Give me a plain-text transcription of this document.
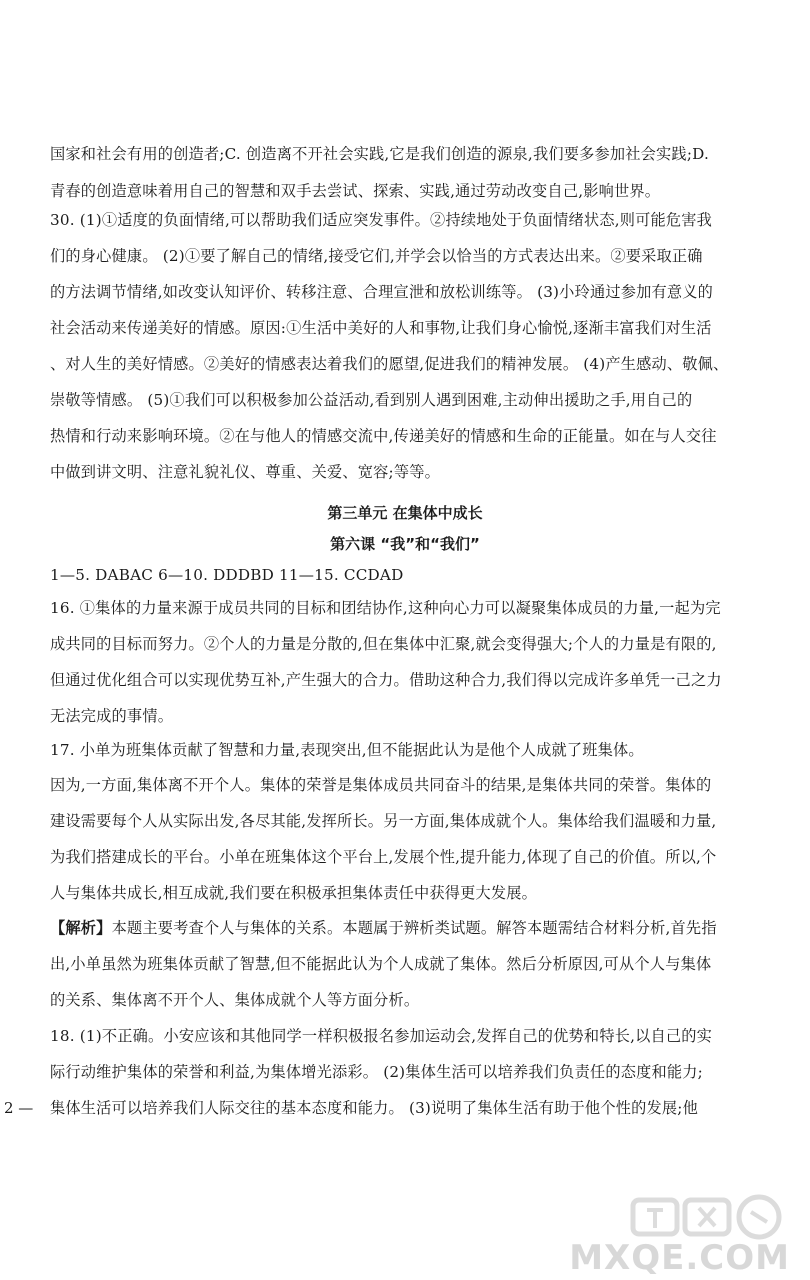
国家和社会有用的创造者;C. 创造离不开社会实践,它是我们创造的源泉,我们要多参加社会实践;D.
青春的创造意味着用自己的智慧和双手去尝试、探索、实践,通过劳动改变自己,影响世界。
30. (1)①适度的负面情绪,可以帮助我们适应突发事件。②持续地处于负面情绪状态,则可能危害我
们的身心健康。 (2)①要了解自己的情绪,接受它们,并学会以恰当的方式表达出来。②要采取正确
的方法调节情绪,如改变认知评价、转移注意、合理宣泄和放松训练等。 (3)小玲通过参加有意义的
社会活动来传递美好的情感。原因:①生活中美好的人和事物,让我们身心愉悦,逐渐丰富我们对生活
、对人生的美好情感。②美好的情感表达着我们的愿望,促进我们的精神发展。 (4)产生感动、敬佩、
崇敬等情感。 (5)①我们可以积极参加公益活动,看到别人遇到困难,主动伸出援助之手,用自己的
热情和行动来影响环境。②在与他人的情感交流中,传递美好的情感和生命的正能量。如在与人交往
中做到讲文明、注意礼貌礼仪、尊重、关爱、宽容;等等。
第三单元 在集体中成长
第六课 “我”和“我们”
1—5. DABAC 6—10. DDDBD 11—15. CCDAD
16. ①集体的力量来源于成员共同的目标和团结协作,这种向心力可以凝聚集体成员的力量,一起为完
成共同的目标而努力。②个人的力量是分散的,但在集体中汇聚,就会变得强大;个人的力量是有限的,
但通过优化组合可以实现优势互补,产生强大的合力。借助这种合力,我们得以完成许多单凭一己之力
无法完成的事情。
17. 小单为班集体贡献了智慧和力量,表现突出,但不能据此认为是他个人成就了班集体。
因为,一方面,集体离不开个人。集体的荣誉是集体成员共同奋斗的结果,是集体共同的荣誉。集体的
建设需要每个人从实际出发,各尽其能,发挥所长。另一方面,集体成就个人。集体给我们温暖和力量,
为我们搭建成长的平台。小单在班集体这个平台上,发展个性,提升能力,体现了自己的价值。所以,个
人与集体共成长,相互成就,我们要在积极承担集体责任中获得更大发展。
【解析】本题主要考查个人与集体的关系。本题属于辨析类试题。解答本题需结合材料分析,首先指
出,小单虽然为班集体贡献了智慧,但不能据此认为个人成就了集体。然后分析原因,可从个人与集体
的关系、集体离不开个人、集体成就个人等方面分析。
18. (1)不正确。小安应该和其他同学一样积极报名参加运动会,发挥自己的优势和特长,以自己的实
际行动维护集体的荣誉和利益,为集体增光添彩。 (2)集体生活可以培养我们负责任的态度和能力;
集体生活可以培养我们人际交往的基本态度和能力。 (3)说明了集体生活有助于他个性的发展;他
2 —
MXQE.COM
